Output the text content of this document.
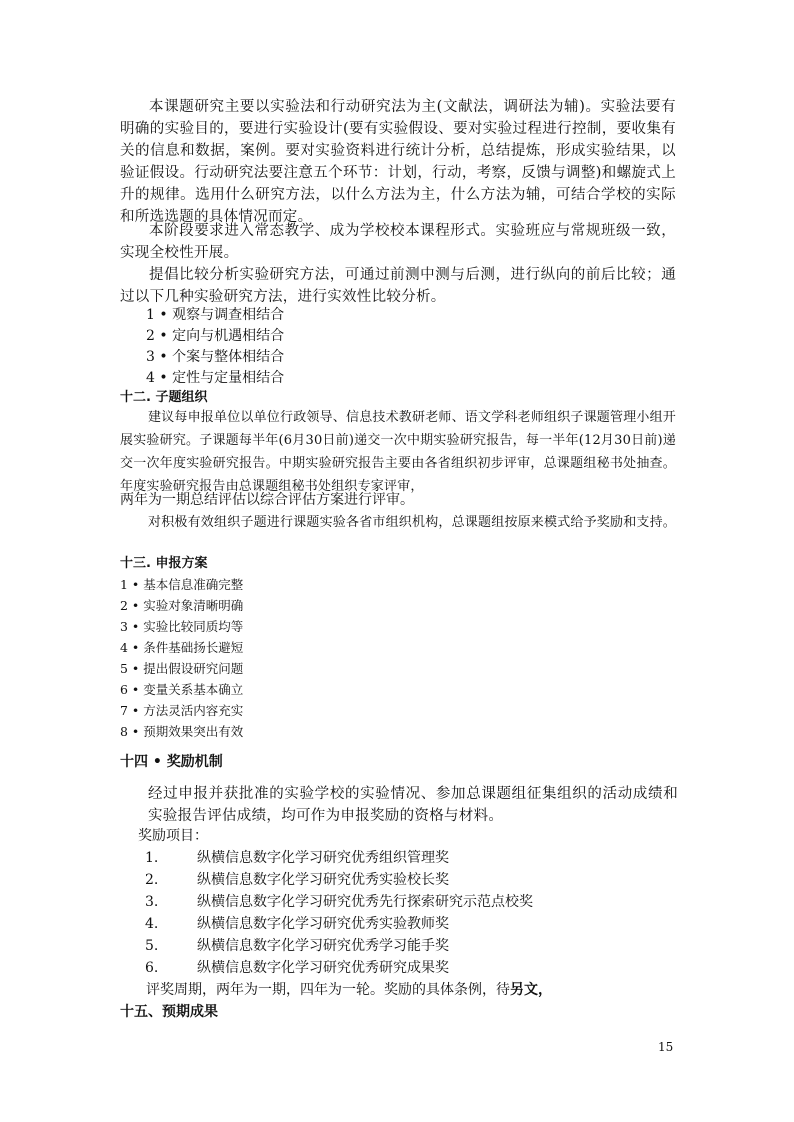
本课题研究主要以实验法和行动研究法为主(文献法，调研法为辅)。实验法要有明确的实验目的，要进行实验设计(要有实验假设、要对实验过程进行控制，要收集有关的信息和数据，案例。要对实验资料进行统计分析，总结提炼，形成实验结果，以验证假设。行动研究法要注意五个环节：计划，行动，考察，反馈与调整)和螺旋式上升的规律。选用什么研究方法，以什么方法为主，什么方法为辅，可结合学校的实际和所选选题的具体情况而定。

本阶段要求进入常态教学、成为学校校本课程形式。实验班应与常规班级一致，实现全校性开展。

提倡比较分析实验研究方法，可通过前测中测与后测，进行纵向的前后比较；通过以下几种实验研究方法，进行实效性比较分析。

1 • 观察与调查相结合
2 • 定向与机遇相结合
3 • 个案与整体相结合
4 • 定性与定量相结合
十二. 子题组织

建议每申报单位以单位行政领导、信息技术教研老师、语文学科老师组织子课题管理小组开展实验研究。子课题每半年(6月30日前)递交一次中期实验研究报告，每一半年(12月30日前)递交一次年度实验研究报告。中期实验研究报告主要由各省组织初步评审，总课题组秘书处抽查。年度实验研究报告由总课题组秘书处组织专家评审，

两年为一期总结评估以综合评估方案进行评审。

对积极有效组织子题进行课题实验各省市组织机构，总课题组按原来模式给予奖励和支持。

十三. 申报方案
1 • 基本信息准确完整
2 • 实验对象清晰明确
3 • 实验比较同质均等
4 • 条件基础扬长避短
5 • 提出假设研究问题
6 • 变量关系基本确立
7 • 方法灵活内容充实
8 • 预期效果突出有效
十四 • 奖励机制

经过申报并获批准的实验学校的实验情况、参加总课题组征集组织的活动成绩和实验报告评估成绩，均可作为申报奖励的资格与材料。

奖励项目：
1.	纵横信息数字化学习研究优秀组织管理奖
2.	纵横信息数字化学习研究优秀实验校长奖
3.	纵横信息数字化学习研究优秀先行探索研究示范点校奖
4.	纵横信息数字化学习研究优秀实验教师奖
5.	纵横信息数字化学习研究优秀学习能手奖
6.	纵横信息数字化学习研究优秀研究成果奖
评奖周期，两年为一期，四年为一轮。奖励的具体条例，待另文，
十五、预期成果
15
